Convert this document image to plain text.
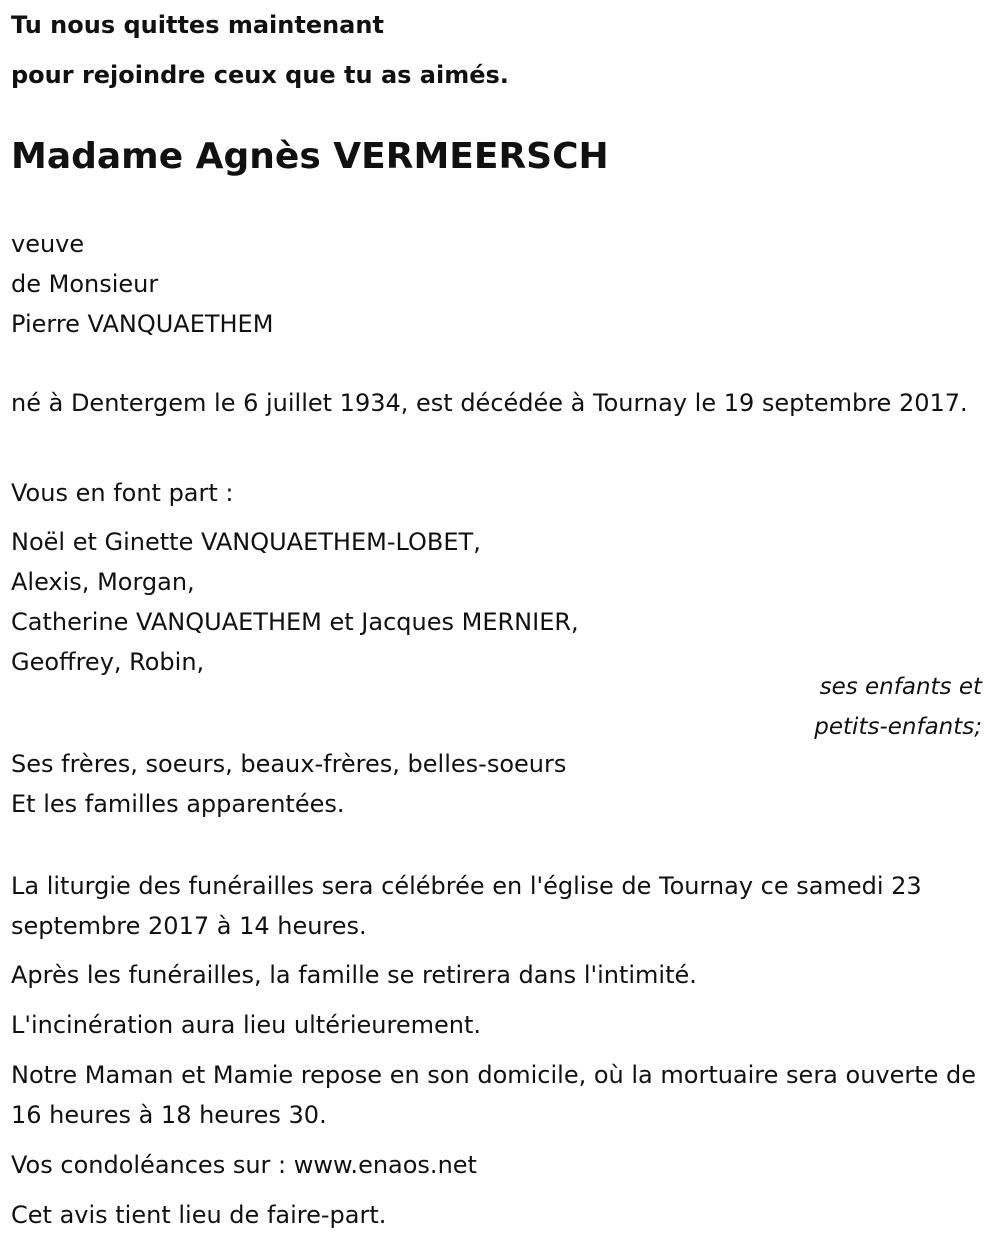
Tu nous quittes maintenant
pour rejoindre ceux que tu as aimés.
Madame Agnès VERMEERSCH
veuve
de Monsieur
Pierre VANQUAETHEM
né à Dentergem le 6 juillet 1934, est décédée à Tournay le 19 septembre 2017.
Vous en font part :
Noël et Ginette VANQUAETHEM-LOBET,
Alexis, Morgan,
Catherine VANQUAETHEM et Jacques MERNIER,
Geoffrey, Robin,
ses enfants et
petits-enfants;
Ses frères, soeurs, beaux-frères, belles-soeurs
Et les familles apparentées.
La liturgie des funérailles sera célébrée en l'église de Tournay ce samedi 23 septembre 2017 à 14 heures.
Après les funérailles, la famille se retirera dans l'intimité.
L'incinération aura lieu ultérieurement.
Notre Maman et Mamie repose en son domicile, où la mortuaire sera ouverte de 16 heures à 18 heures 30.
Vos condoléances sur : www.enaos.net
Cet avis tient lieu de faire-part.
